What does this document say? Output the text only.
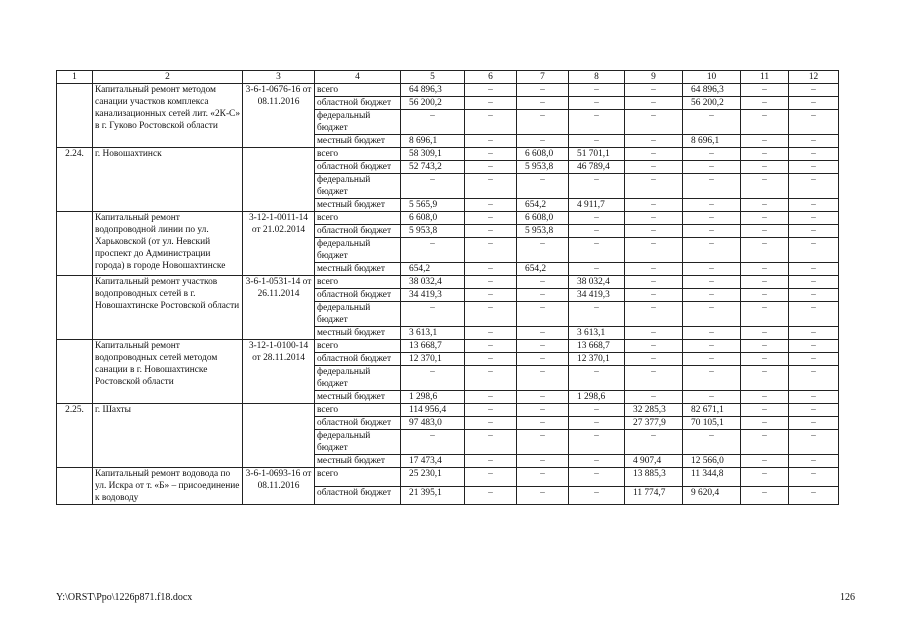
1	2	3	4	5	6	7	8	9	10	11	12
	Капитальный ремонт методом санации участков комплекса канализационных сетей лит. «2К-С» в г. Гуково Ростовской области	3-6-1-0676-16 от 08.11.2016	всего	64 896,3	–	–	–	–	64 896,3	–	–
			областной бюджет	56 200,2	–	–	–	–	56 200,2	–	–
			федеральный бюджет	–	–	–	–	–	–	–	–
			местный бюджет	8 696,1	–	–	–	–	8 696,1	–	–
2.24.	г. Новошахтинск		всего	58 309,1	–	6 608,0	51 701,1	–	–	–	–
			областной бюджет	52 743,2	–	5 953,8	46 789,4	–	–	–	–
			федеральный бюджет	–	–	–	–	–	–	–	–
			местный бюджет	5 565,9	–	654,2	4 911,7	–	–	–	–
	Капитальный ремонт водопроводной линии по ул. Харьковской (от ул. Невский проспект до Администрации города) в городе Новошахтинске	3-12-1-0011-14 от 21.02.2014	всего	6 608,0	–	6 608,0	–	–	–	–	–
			областной бюджет	5 953,8	–	5 953,8	–	–	–	–	–
			федеральный бюджет	–	–	–	–	–	–	–	–
			местный бюджет	654,2	–	654,2	–	–	–	–	–
	Капитальный ремонт участков водопроводных сетей в г. Новошахтинске Ростовской области	3-6-1-0531-14 от 26.11.2014	всего	38 032,4	–	–	38 032,4	–	–	–	–
			областной бюджет	34 419,3	–	–	34 419,3	–	–	–	–
			федеральный бюджет	–	–	–	–	–	–	–	–
			местный бюджет	3 613,1	–	–	3 613,1	–	–	–	–
	Капитальный ремонт водопроводных сетей методом санации в г. Новошахтинске Ростовской области	3-12-1-0100-14 от 28.11.2014	всего	13 668,7	–	–	13 668,7	–	–	–	–
			областной бюджет	12 370,1	–	–	12 370,1	–	–	–	–
			федеральный бюджет	–	–	–	–	–	–	–	–
			местный бюджет	1 298,6	–	–	1 298,6	–	–	–	–
2.25.	г. Шахты		всего	114 956,4	–	–	–	32 285,3	82 671,1	–	–
			областной бюджет	97 483,0	–	–	–	27 377,9	70 105,1	–	–
			федеральный бюджет	–	–	–	–	–	–	–	–
			местный бюджет	17 473,4	–	–	–	4 907,4	12 566,0	–	–
	Капитальный ремонт водовода по ул. Искра от т. «Б» – присоединение к водоводу	3-6-1-0693-16 от 08.11.2016	всего	25 230,1	–	–	–	13 885,3	11 344,8	–	–
			областной бюджет	21 395,1	–	–	–	11 774,7	9 620,4	–	–
Y:\ORST\Ppo\1226p871.f18.docx	126
